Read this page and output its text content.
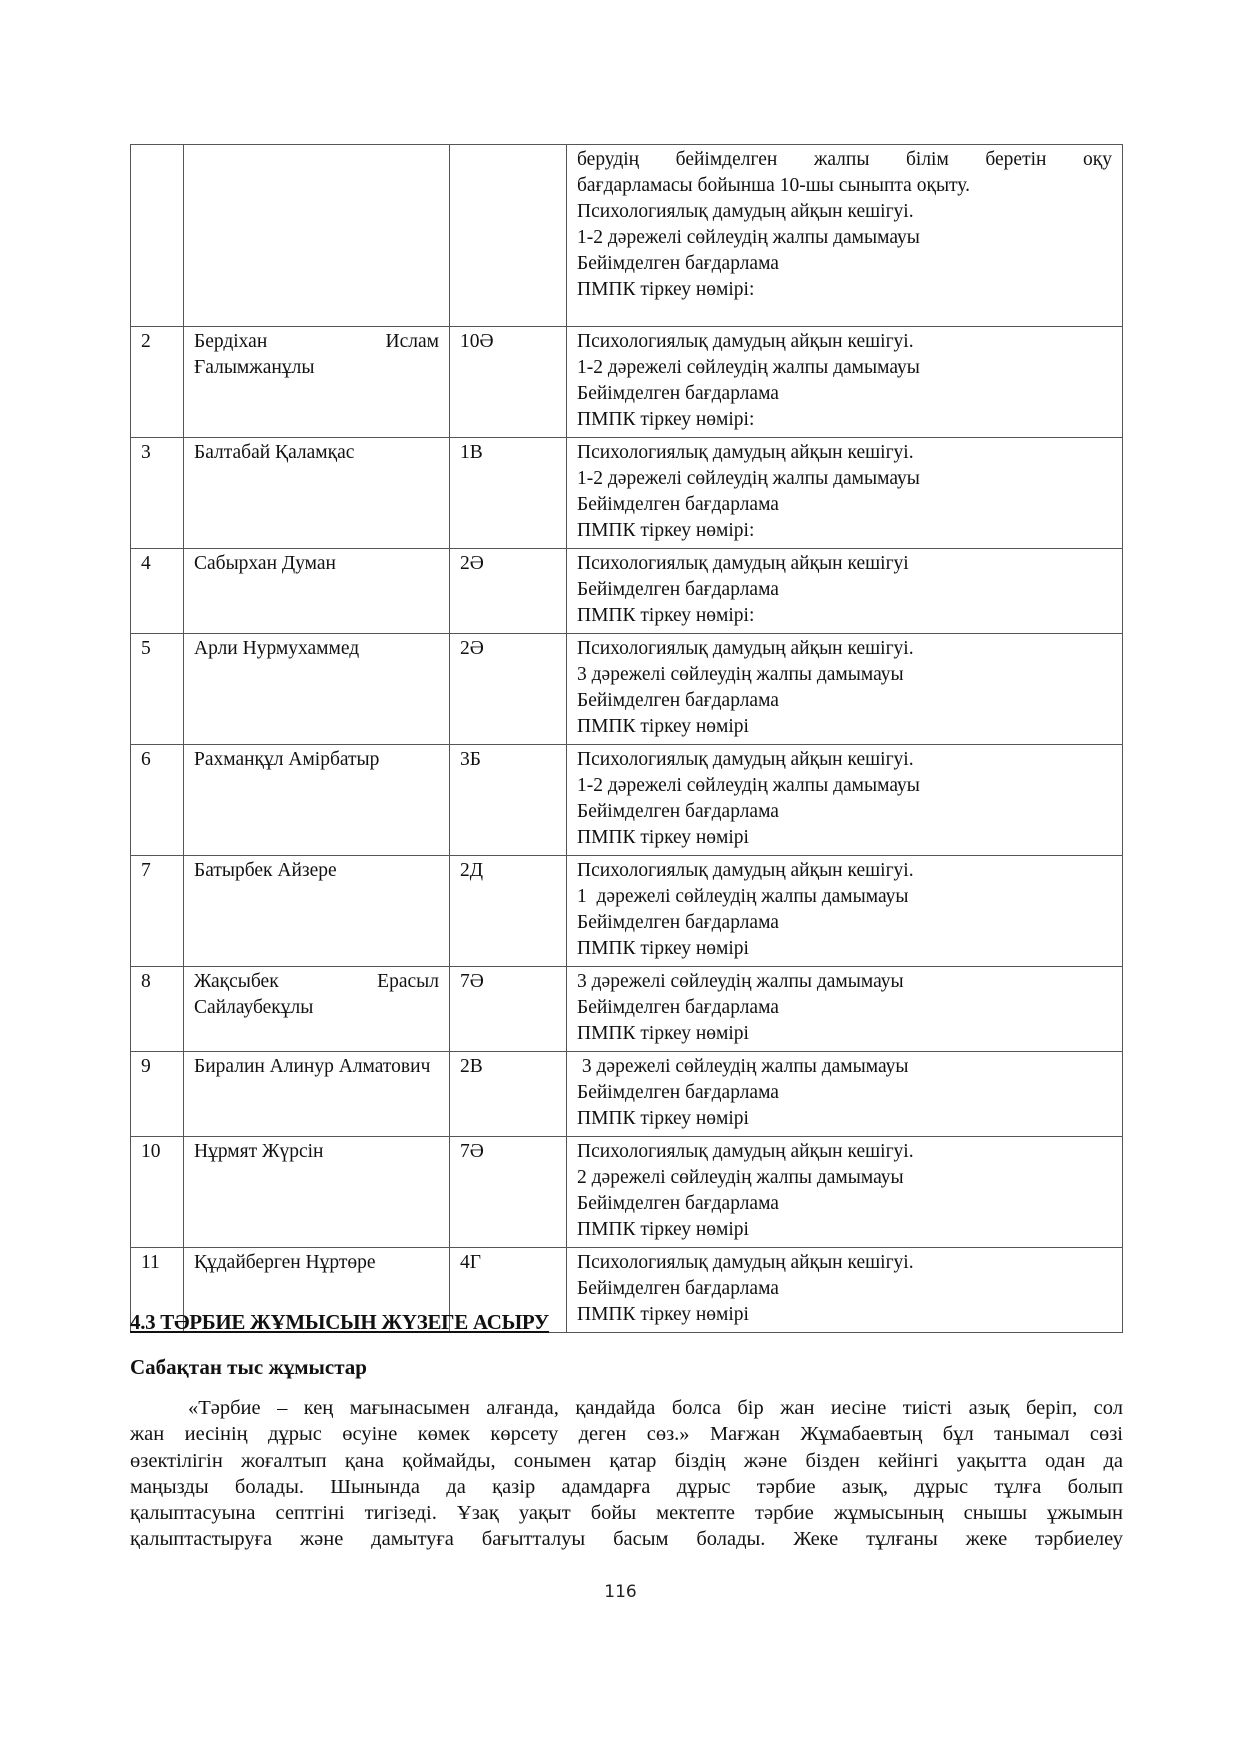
берудің бейімделген жалпы білім беретін оқу
бағдарламасы бойынша 10-шы сыныпта оқыту.
Психологиялық дамудың айқын кешігуі.
1-2 дәрежелі сөйлеудің жалпы дамымауы
Бейімделген бағдарлама
ПМПК тіркеу нөмірі:

2	Бердіхан Ислам Ғалымжанұлы	10Ә	Психологиялық дамудың айқын кешігуі.
1-2 дәрежелі сөйлеудің жалпы дамымауы
Бейімделген бағдарлама
ПМПК тіркеу нөмірі:

3	Балтабай Қаламқас	1В	Психологиялық дамудың айқын кешігуі.
1-2 дәрежелі сөйлеудің жалпы дамымауы
Бейімделген бағдарлама
ПМПК тіркеу нөмірі:

4	Сабырхан Думан	2Ә	Психологиялық дамудың айқын кешігуі
Бейімделген бағдарлама
ПМПК тіркеу нөмірі:

5	Арли Нурмухаммед	2Ә	Психологиялық дамудың айқын кешігуі.
3 дәрежелі сөйлеудің жалпы дамымауы
Бейімделген бағдарлама
ПМПК тіркеу нөмірі

6	Рахманқұл Амірбатыр	3Б	Психологиялық дамудың айқын кешігуі.
1-2 дәрежелі сөйлеудің жалпы дамымауы
Бейімделген бағдарлама
ПМПК тіркеу нөмірі

7	Батырбек Айзере	2Д	Психологиялық дамудың айқын кешігуі.
1  дәрежелі сөйлеудің жалпы дамымауы
Бейімделген бағдарлама
ПМПК тіркеу нөмірі

8	Жақсыбек Ерасыл Сайлаубекұлы	7Ә	3 дәрежелі сөйлеудің жалпы дамымауы
Бейімделген бағдарлама
ПМПК тіркеу нөмірі

9	Биралин Алинур Алматович	2В	3 дәрежелі сөйлеудің жалпы дамымауы
Бейімделген бағдарлама
ПМПК тіркеу нөмірі

10	Нұрмят Жүрсін	7Ә	Психологиялық дамудың айқын кешігуі.
2 дәрежелі сөйлеудің жалпы дамымауы
Бейімделген бағдарлама
ПМПК тіркеу нөмірі

11	Құдайберген Нұртөре	4Г	Психологиялық дамудың айқын кешігуі.
Бейімделген бағдарлама
ПМПК тіркеу нөмірі
4.3 ТӘРБИЕ ЖҰМЫСЫН ЖҮЗЕГЕ АСЫРУ
Сабақтан тыс жұмыстар
«Тәрбие – кең мағынасымен алғанда, қандайда болса бір жан иесіне тиісті азық беріп, сол
жан иесінің дұрыс өсуіне көмек көрсету деген сөз.» Мағжан Жұмабаевтың бұл танымал сөзі
өзектілігін жоғалтып қана қоймайды, сонымен қатар біздің және бізден кейінгі уақытта одан да
маңызды болады. Шынында да қазір адамдарға дұрыс тәрбие азық, дұрыс тұлға болып
қалыптасуына септгіні тигізеді. Ұзақ уақыт бойы мектепте тәрбие жұмысының снышы ұжымын
қалыптастыруға және дамытуға бағытталуы басым болады. Жеке тұлғаны жеке тәрбиелеу
116
